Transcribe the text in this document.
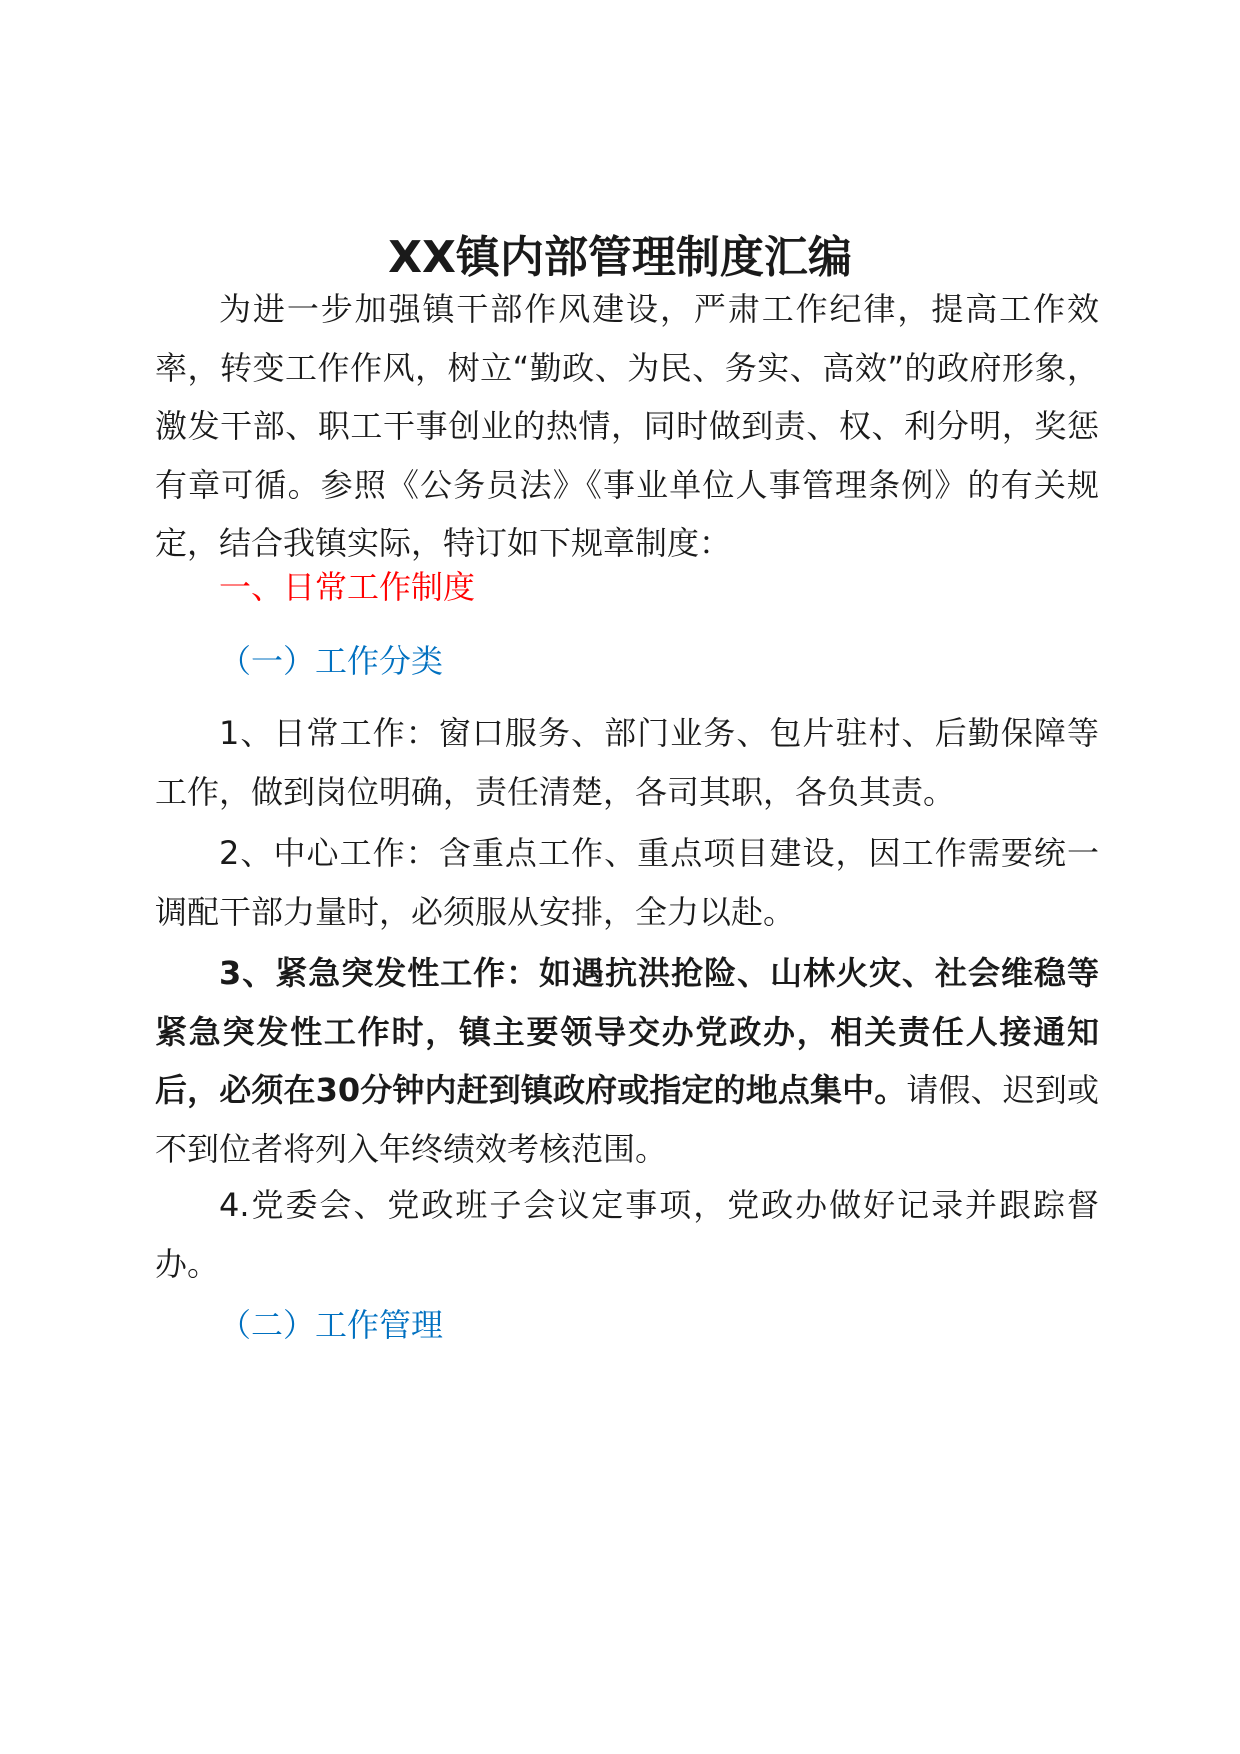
XX镇内部管理制度汇编

为进一步加强镇干部作风建设，严肃工作纪律，提高工作效率，转变工作作风，树立“勤政、为民、务实、高效”的政府形象，激发干部、职工干事创业的热情，同时做到责、权、利分明，奖惩有章可循。参照《公务员法》《事业单位人事管理条例》的有关规定，结合我镇实际，特订如下规章制度：

一、日常工作制度

（一）工作分类

1、日常工作：窗口服务、部门业务、包片驻村、后勤保障等工作，做到岗位明确，责任清楚，各司其职，各负其责。

2、中心工作：含重点工作、重点项目建设，因工作需要统一调配干部力量时，必须服从安排，全力以赴。

3、紧急突发性工作：如遇抗洪抢险、山林火灾、社会维稳等紧急突发性工作时，镇主要领导交办党政办，相关责任人接通知后，必须在30分钟内赶到镇政府或指定的地点集中。请假、迟到或不到位者将列入年终绩效考核范围。

4.党委会、党政班子会议定事项，党政办做好记录并跟踪督办。

（二）工作管理
